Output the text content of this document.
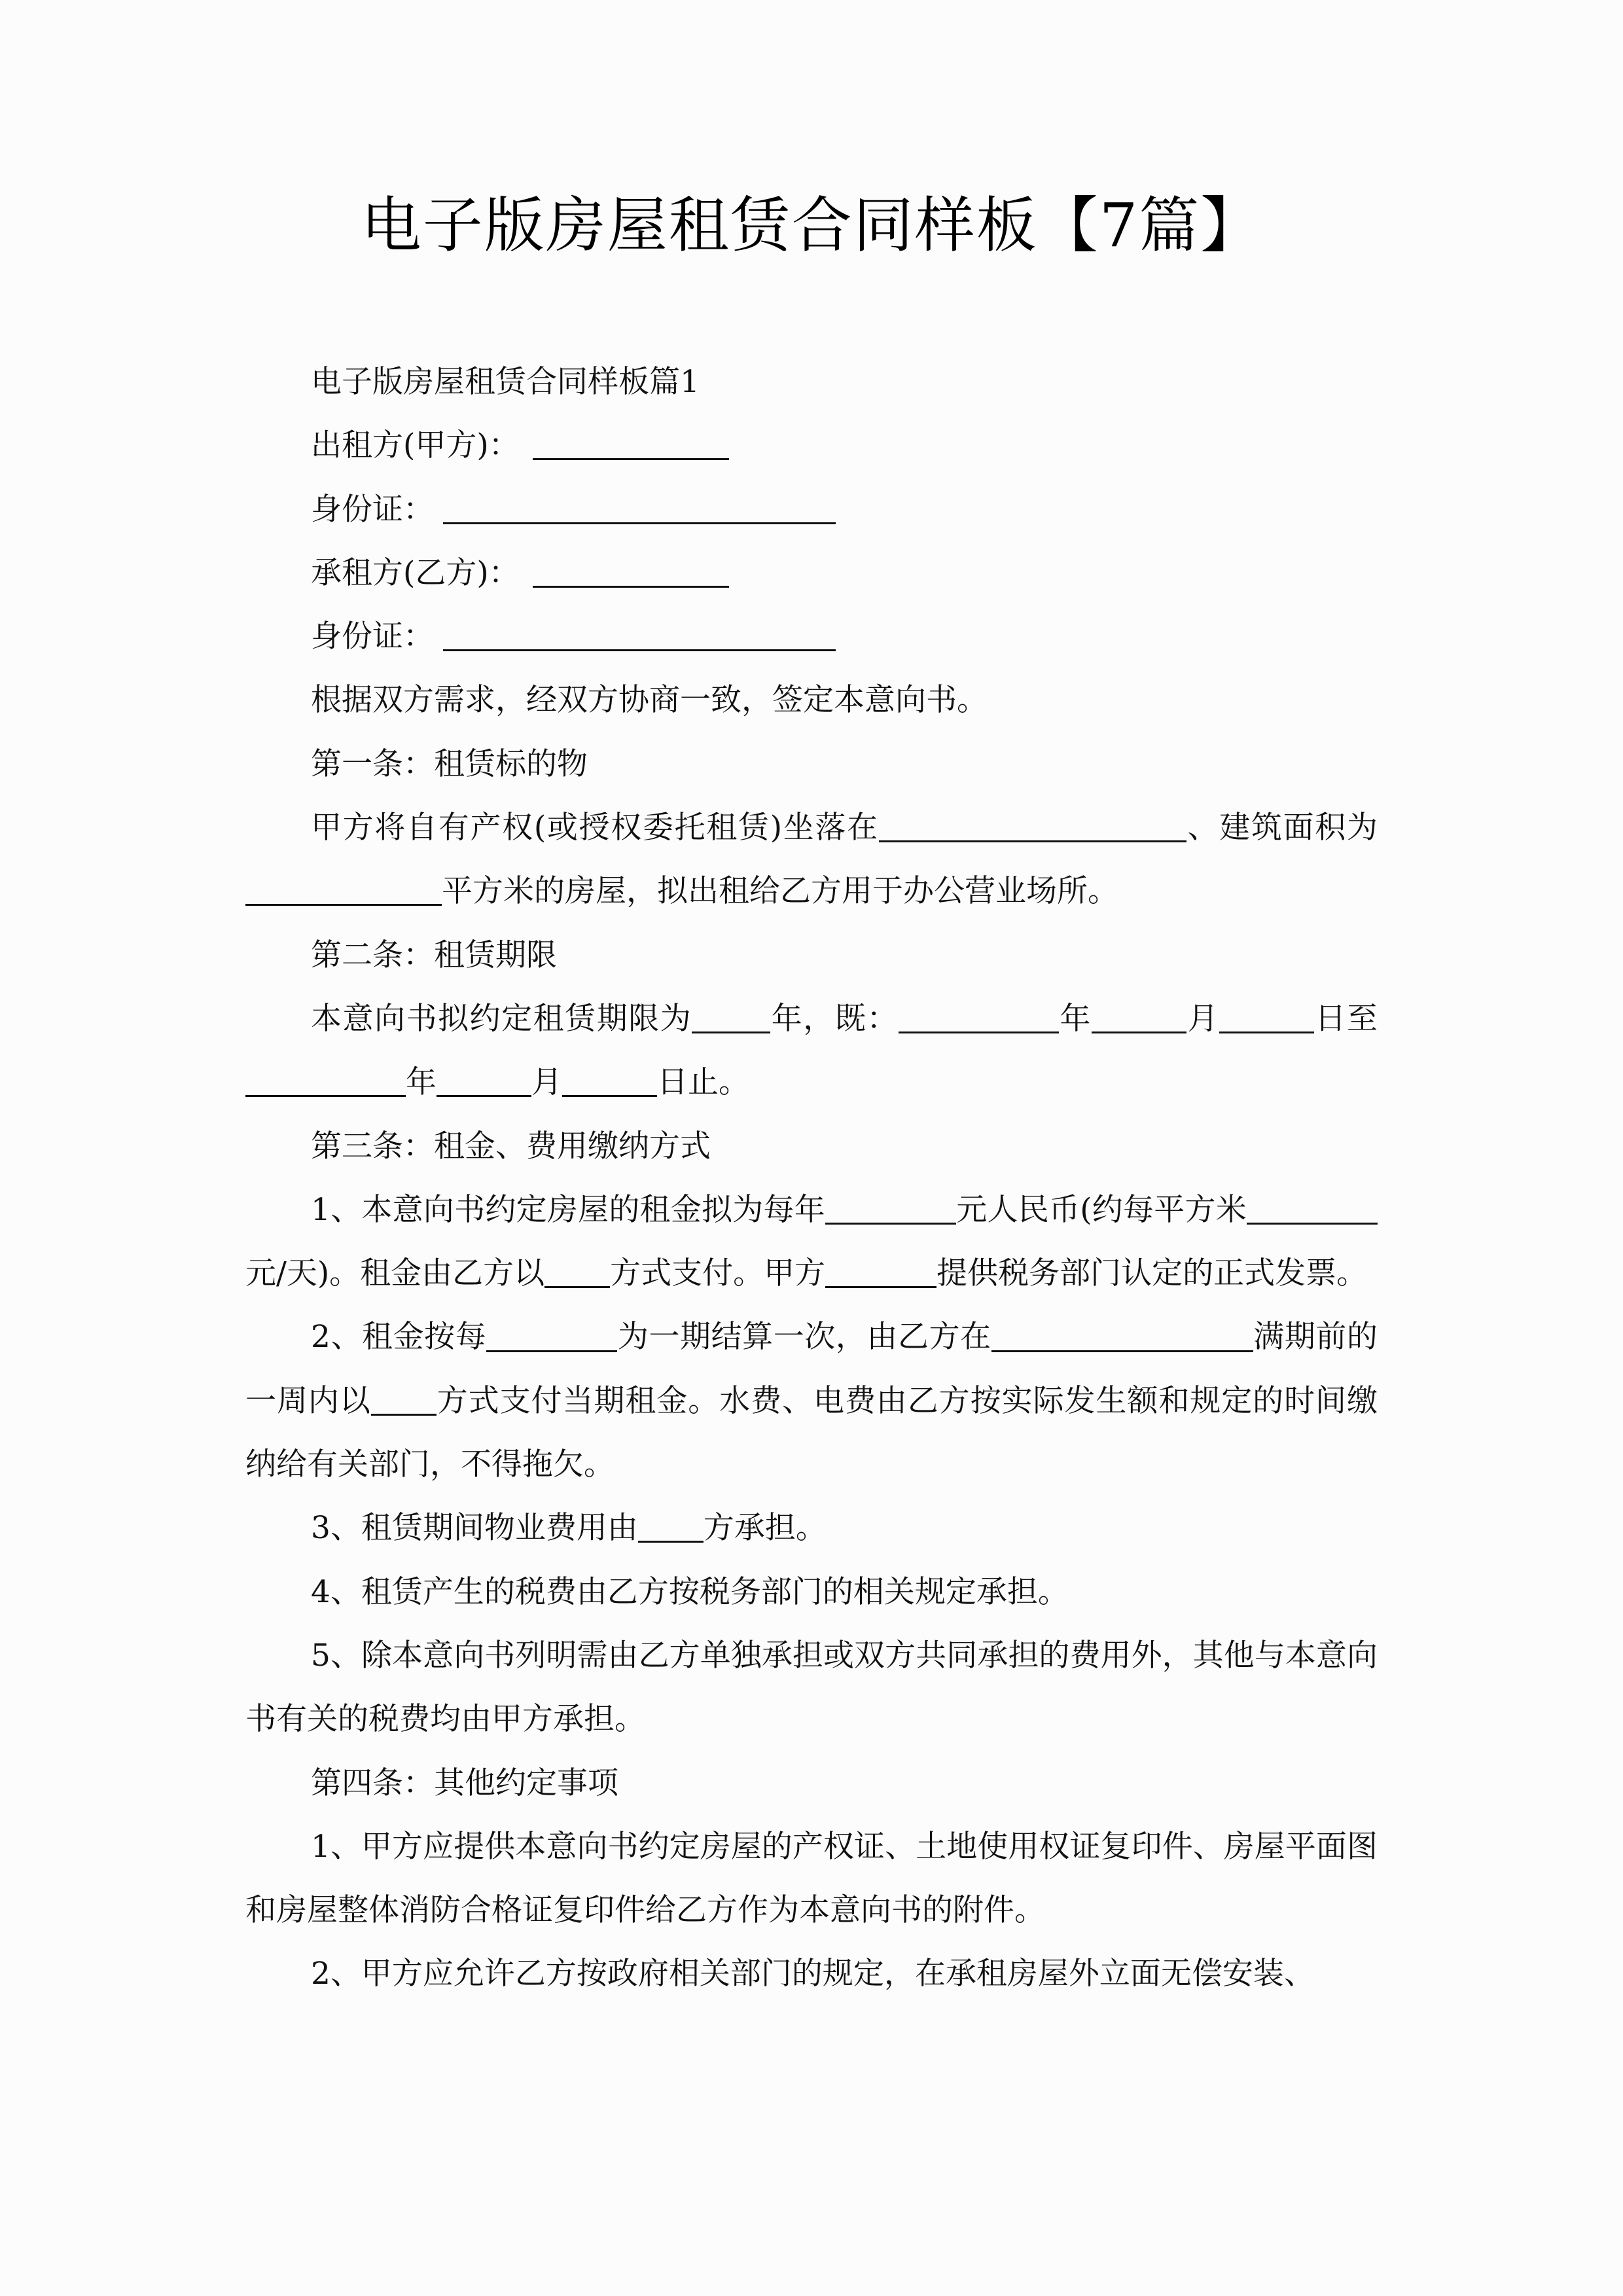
电子版房屋租赁合同样板【7篇】

电子版房屋租赁合同样板篇1

出租方(甲方)：

身份证：

承租方(乙方)：

身份证：

根据双方需求，经双方协商一致，签定本意向书。

第一条：租赁标的物

甲方将自有产权(或授权委托租赁)坐落在	、建筑面积为平方米的房屋，拟出租给乙方用于办公营业场所。

第二条：租赁期限

本意向书拟约定租赁期限为	年，既：	年	月	日至年	月	日止。

第三条：租金、费用缴纳方式

1、本意向书约定房屋的租金拟为每年	元人民币(约每平方米元/天)。租金由乙方以 方式支付。甲方	提供税务部门认定的正式发票。

2、租金按每	为一期结算一次，由乙方在	满期前的一周内以 方式支付当期租金。水费、电费由乙方按实际发生额和规定的时间缴纳给有关部门，不得拖欠。

3、租赁期间物业费用由 方承担。

4、租赁产生的税费由乙方按税务部门的相关规定承担。

5、除本意向书列明需由乙方单独承担或双方共同承担的费用外，其他与本意向书有关的税费均由甲方承担。

第四条：其他约定事项

1、甲方应提供本意向书约定房屋的产权证、土地使用权证复印件、房屋平面图和房屋整体消防合格证复印件给乙方作为本意向书的附件。

2、甲方应允许乙方按政府相关部门的规定，在承租房屋外立面无偿安装、
